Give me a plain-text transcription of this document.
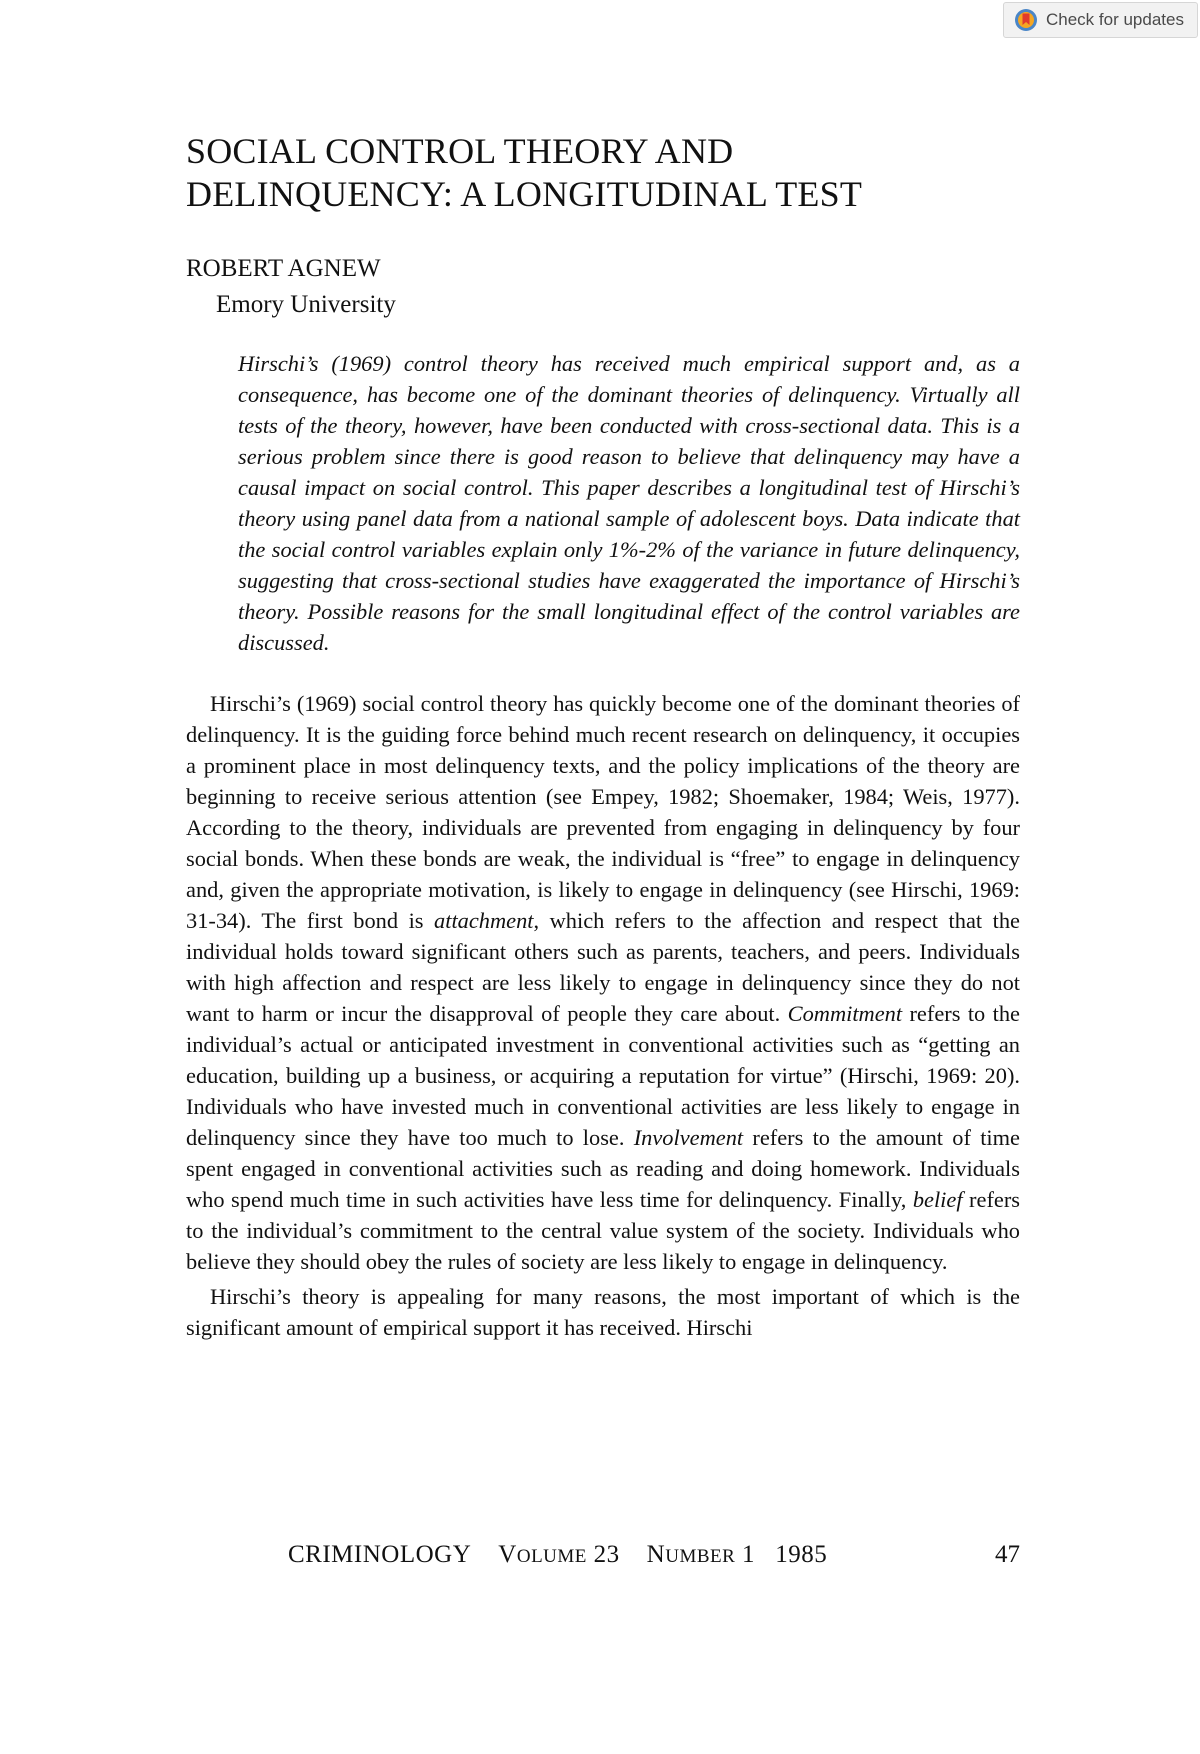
Check for updates
SOCIAL CONTROL THEORY AND
DELINQUENCY: A LONGITUDINAL TEST
ROBERT AGNEW
Emory University
Hirschi’s (1969) control theory has received much empirical support and, as a consequence, has become one of the dominant theories of delinquency. Virtually all tests of the theory, however, have been conducted with cross-sectional data. This is a serious problem since there is good reason to believe that delinquency may have a causal impact on social control. This paper describes a longitudinal test of Hirschi’s theory using panel data from a national sample of adolescent boys. Data indicate that the social control variables explain only 1%-2% of the variance in future delinquency, suggesting that cross-sectional studies have exaggerated the importance of Hirschi’s theory. Possible reasons for the small longitudinal effect of the control variables are discussed.

Hirschi’s (1969) social control theory has quickly become one of the dominant theories of delinquency. It is the guiding force behind much recent research on delinquency, it occupies a prominent place in most delinquency texts, and the policy implications of the theory are beginning to receive serious attention (see Empey, 1982; Shoemaker, 1984; Weis, 1977). According to the theory, individuals are prevented from engaging in delinquency by four social bonds. When these bonds are weak, the individual is “free” to engage in delinquency and, given the appropriate motivation, is likely to engage in delinquency (see Hirschi, 1969: 31-34). The first bond is attachment, which refers to the affection and respect that the individual holds toward significant others such as parents, teachers, and peers. Individuals with high affection and respect are less likely to engage in delinquency since they do not want to harm or incur the disapproval of people they care about. Commitment refers to the individual’s actual or anticipated investment in conventional activities such as “getting an education, building up a business, or acquiring a reputation for virtue” (Hirschi, 1969: 20). Individuals who have invested much in conventional activities are less likely to engage in delinquency since they have too much to lose. Involvement refers to the amount of time spent engaged in conventional activities such as reading and doing homework. Individuals who spend much time in such activities have less time for delinquency. Finally, belief refers to the individual’s commitment to the central value system of the society. Individuals who believe they should obey the rules of society are less likely to engage in delinquency.

Hirschi’s theory is appealing for many reasons, the most important of which is the significant amount of empirical support it has received. Hirschi

CRIMINOLOGY VOLUME 23 NUMBER 1 1985	47
